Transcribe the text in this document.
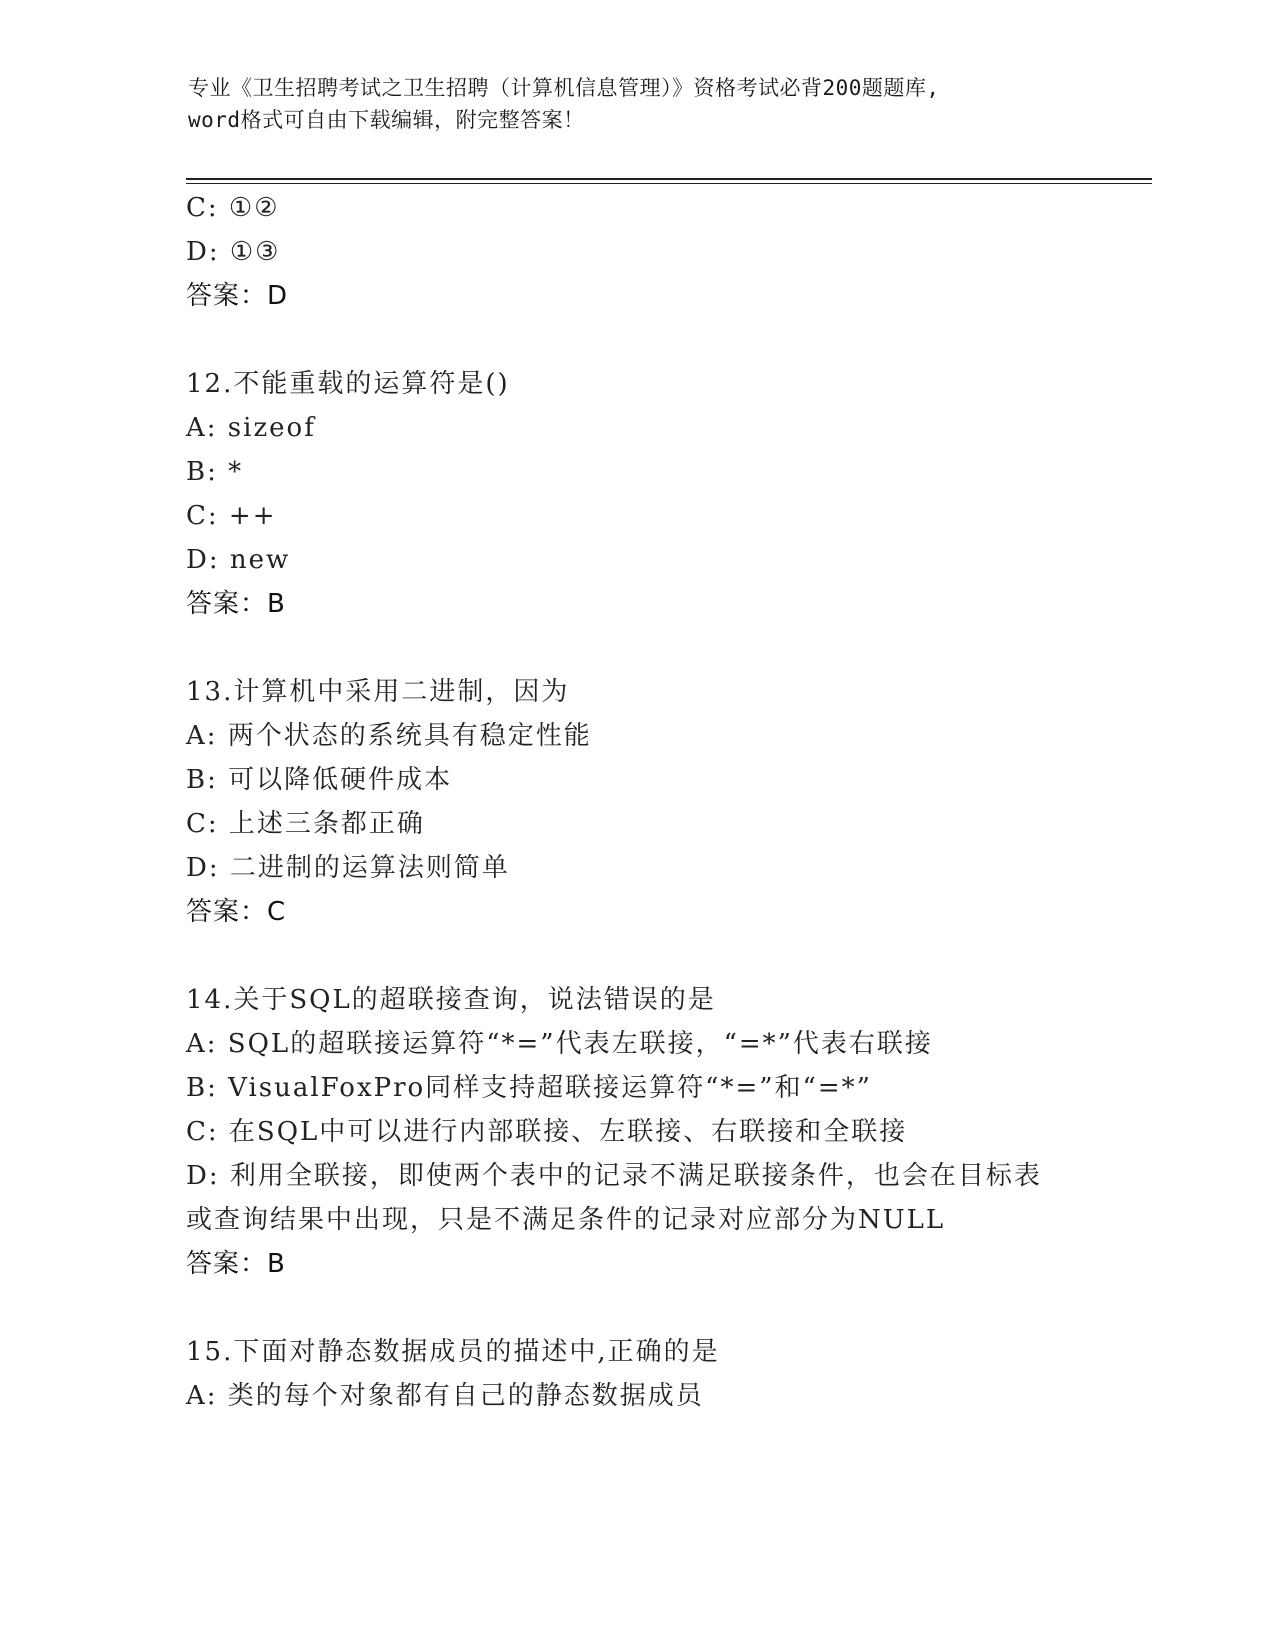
专业《卫生招聘考试之卫生招聘（计算机信息管理）》资格考试必背200题题库,
word格式可自由下载编辑，附完整答案！
C: ①②
D: ①③
答案：D
12.不能重载的运算符是()
A: sizeof
B: *
C: ++
D: new
答案：B
13.计算机中采用二进制，因为
A: 两个状态的系统具有稳定性能
B: 可以降低硬件成本
C: 上述三条都正确
D: 二进制的运算法则简单
答案：C
14.关于SQL的超联接查询，说法错误的是
A: SQL的超联接运算符“*=”代表左联接，“=*”代表右联接
B: VisualFoxPro同样支持超联接运算符“*=”和“=*”
C: 在SQL中可以进行内部联接、左联接、右联接和全联接
D: 利用全联接，即使两个表中的记录不满足联接条件，也会在目标表
或查询结果中出现，只是不满足条件的记录对应部分为NULL
答案：B
15.下面对静态数据成员的描述中,正确的是
A: 类的每个对象都有自己的静态数据成员
